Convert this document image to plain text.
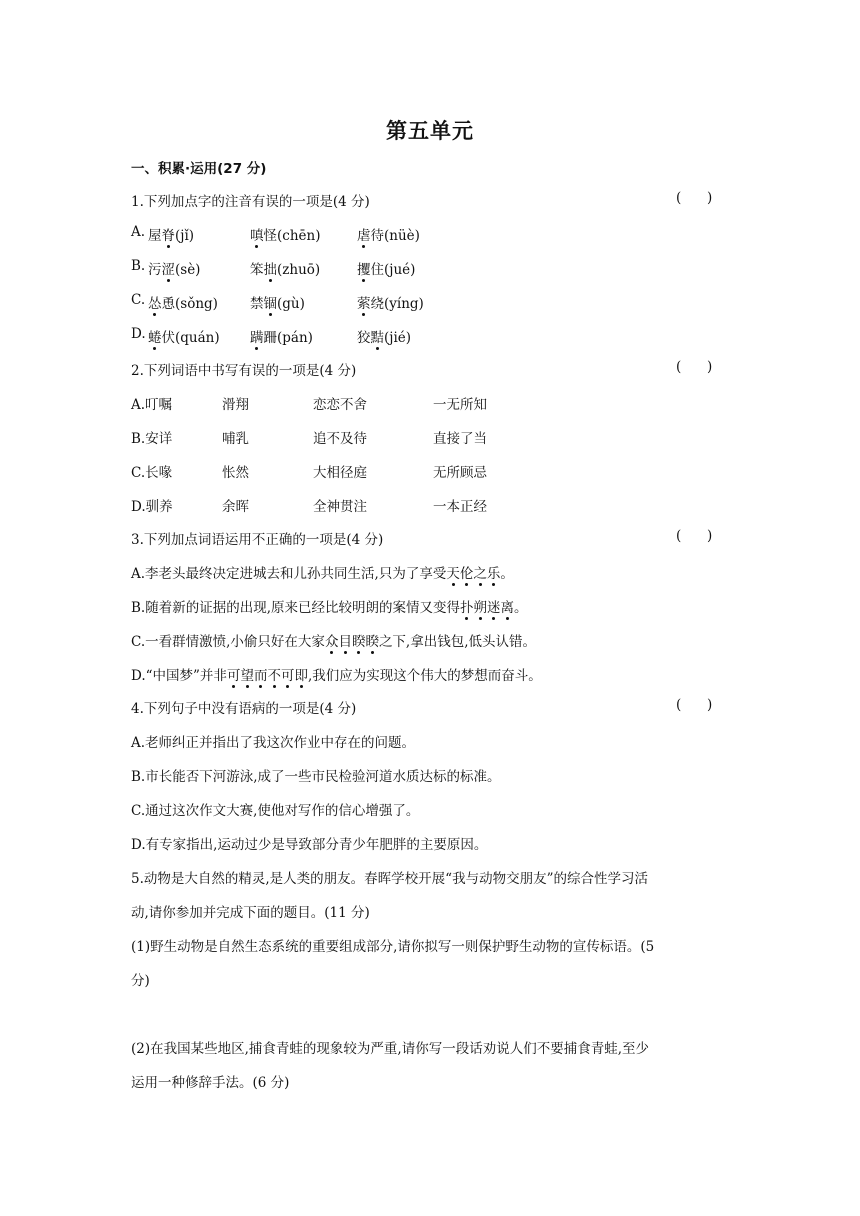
第五单元
一、积累·运用(27 分)
1.下列加点字的注音有误的一项是(4 分)	(      )
A. 屋脊(jǐ)	嗔怪(chēn)	虐待(nüè)
B. 污涩(sè)	笨拙(zhuō)	攫住(jué)
C. 怂恿(sǒng) 禁锢(gù)	萦绕(yíng)
D. 蜷伏(quán) 蹒跚(pán)	狡黠(jié)
2.下列词语中书写有误的一项是(4 分)	(      )
A.叮嘱	滑翔	恋恋不舍	一无所知
B.安详	哺乳	追不及待	直接了当
C.长喙	怅然	大相径庭	无所顾忌
D.驯养	余晖	全神贯注	一本正经
3.下列加点词语运用不正确的一项是(4 分)	(      )
A.李老头最终决定进城去和儿孙共同生活,只为了享受天伦之乐。
B.随着新的证据的出现,原来已经比较明朗的案情又变得扑朔迷离。
C.一看群情激愤,小偷只好在大家众目睽睽之下,拿出钱包,低头认错。
D.“中国梦”并非可望而不可即,我们应为实现这个伟大的梦想而奋斗。
4.下列句子中没有语病的一项是(4 分)	(      )
A.老师纠正并指出了我这次作业中存在的问题。
B.市长能否下河游泳,成了一些市民检验河道水质达标的标准。
C.通过这次作文大赛,使他对写作的信心增强了。
D.有专家指出,运动过少是导致部分青少年肥胖的主要原因。
5.动物是大自然的精灵,是人类的朋友。春晖学校开展“我与动物交朋友”的综合性学习活
动,请你参加并完成下面的题目。(11 分)
(1)野生动物是自然生态系统的重要组成部分,请你拟写一则保护野生动物的宣传标语。(5
分)
(2)在我国某些地区,捕食青蛙的现象较为严重,请你写一段话劝说人们不要捕食青蛙,至少
运用一种修辞手法。(6 分)
